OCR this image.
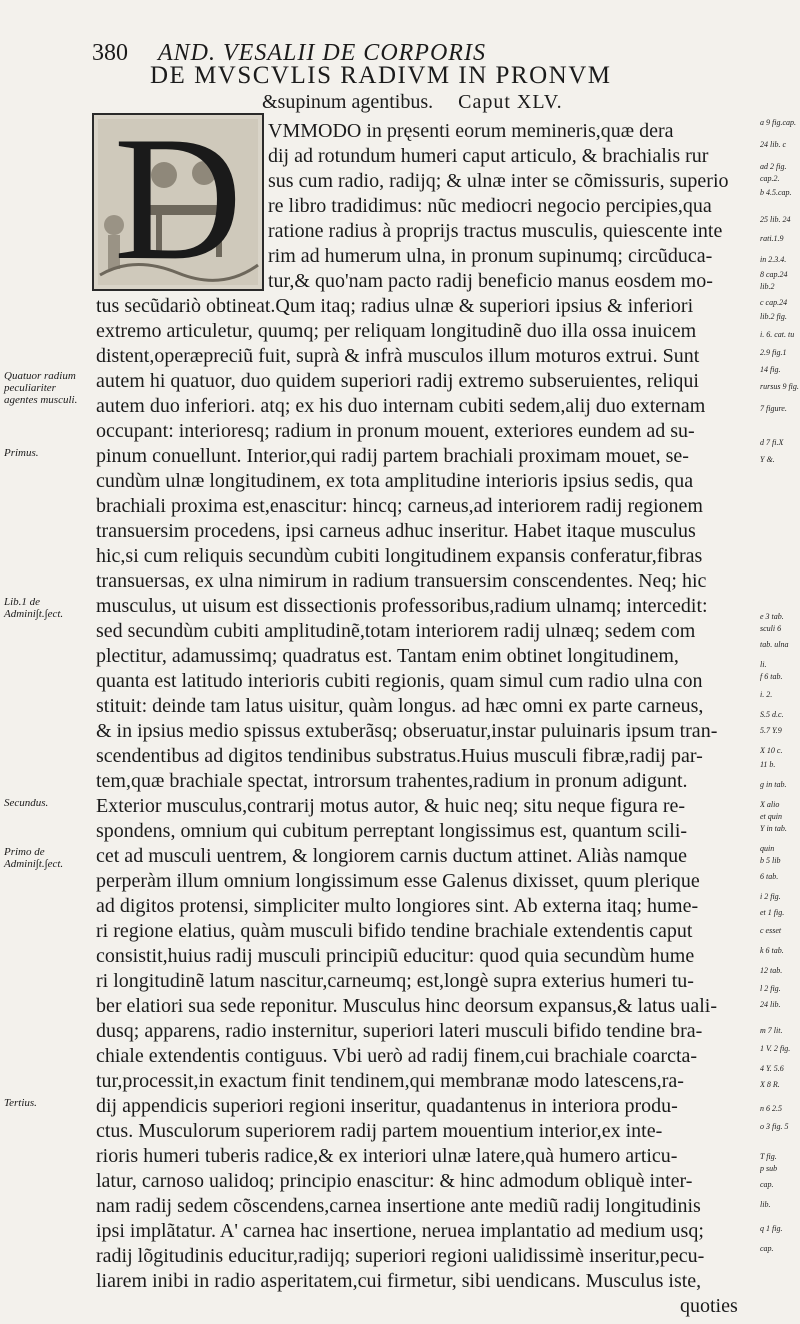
380 AND. VESALII DE CORPORIS
DE MVSCVLIS RADIVM IN PRONVM
&supinum agentibus. Caput XLV.
D	VMMODO in pręsenti eorum memineris,quæ dera
dij ad rotundum humeri caput articulo, & brachialis rur
sus cum radio, radijq; & ulnæ inter se cõmissuris, superio
re libro tradidimus: nũc mediocri negocio percipies,qua
ratione radius à proprijs tractus musculis, quiescente inte
rim ad humerum ulna, in pronum supinumq; circũduca-
tur,& quo'nam pacto radij beneficio manus eosdem mo-
tus secũdariò obtineat.Qum itaq; radius ulnæ & superiori ipsius & inferiori
extremo articuletur, quumq; per reliquam longitudinẽ duo illa ossa inuicem
distent,operæpreciũ fuit, suprà & infrà musculos illum moturos extrui. Sunt
autem hi quatuor, duo quidem superiori radij extremo subseruientes, reliqui
autem duo inferiori. atq; ex his duo internam cubiti sedem,alij duo externam
occupant: interioresq; radium in pronum mouent, exteriores eundem ad su-
pinum conuellunt. Interior,qui radij partem brachiali proximam mouet, se-
cundùm ulnæ longitudinem, ex tota amplitudine interioris ipsius sedis, qua
brachiali proxima est,enascitur: hincq; carneus,ad interiorem radij regionem
transuersim procedens, ipsi carneus adhuc inseritur. Habet itaque musculus
hic,si cum reliquis secundùm cubiti longitudinem expansis conferatur,fibras
transuersas, ex ulna nimirum in radium transuersim conscendentes. Neq; hic
musculus, ut uisum est dissectionis professoribus,radium ulnamq; intercedit:
sed secundùm cubiti amplitudinẽ,totam interiorem radij ulnæq; sedem com
plectitur, adamussimq; quadratus est. Tantam enim obtinet longitudinem,
quanta est latitudo interioris cubiti regionis, quam simul cum radio ulna con
stituit: deinde tam latus uisitur, quàm longus. ad hæc omni ex parte carneus,
& in ipsius medio spissus extuberãsq; obseruatur,instar puluinaris ipsum tran-
scendentibus ad digitos tendinibus substratus.Huius musculi fibræ,radij par-
tem,quæ brachiale spectat, introrsum trahentes,radium in pronum adigunt.
Exterior musculus,contrarij motus autor, & huic neq; situ neque figura re-
spondens, omnium qui cubitum perreptant longissimus est, quantum scili-
cet ad musculi uentrem, & longiorem carnis ductum attinet. Aliàs namque
perperàm illum omnium longissimum esse Galenus dixisset, quum plerique
ad digitos protensi, simpliciter multo longiores sint. Ab externa itaq; hume-
ri regione elatius, quàm musculi bifido tendine brachiale extendentis caput
consistit,huius radij musculi principiũ educitur: quod quia secundùm hume
ri longitudinẽ latum nascitur,carneumq; est,longè supra exterius humeri tu-
ber elatiori sua sede reponitur. Musculus hinc deorsum expansus,& latus uali-
dusq; apparens, radio insternitur, superiori lateri musculi bifido tendine bra-
chiale extendentis contiguus. Vbi uerò ad radij finem,cui brachiale coarcta-
tur,processit,in exactum finit tendinem,qui membranæ modo latescens,ra-
dij appendicis superiori regioni inseritur, quadantenus in interiora produ-
ctus. Musculorum superiorem radij partem mouentium interior,ex inte-
rioris humeri tuberis radice,& ex interiori ulnæ latere,quà humero articu-
latur, carnoso ualidoq; principio enascitur: & hinc admodum obliquè inter-
nam radij sedem cõscendens,carnea insertione ante mediũ radij longitudinis
ipsi implãtatur. A' carnea hac insertione, neruea implantatio ad medium usq;
radij lõgitudinis educitur,radijq; superiori regioni ualidissimè inseritur,pecu-
liarem inibi in radio asperitatem,cui firmetur, sibi uendicans. Musculus iste,
quoties
Quatuor radium peculiariter agentes musculi.
Primus.
Lib.1 de Admini∫t.∫ect.
Secundus.
Primo de Admini∫t.∫ect.
Tertius.
a 9 fig.cap.
24 lib. c
ad 2 fig.
cap.2.
b 4.5.cap.
25 lib. 24
rati.1.9
in 2.3.4.
8 cap.24
lib.2
c cap.24
lib.2 fig.
i. 6. cat. tu
2.9 fig.1
14 fig.
rursus 9 fig.
7 figure.
d 7 fi.X
Y &.
e 3 tab.
sculi 6
tab. ulna
li.
f 6 tab.
i. 2.
S.5 d.c.
5.7 Y.9
X 10 c.
11 b.
g in tab.
X alio
et quin
Y in tab.
quin
b 5 lib
6 tab.
i 2 fig.
et 1 fig.
c esset
k 6 tab.
12 tab.
l 2 fig.
24 lib.
m 7 lit.
1 V. 2 fig.
4 Y. 5.6
X 8 R.
n 6 2.5
o 3 fig. 5
T fig.
p sub
cap.
lib.
q 1 fig.
cap.
